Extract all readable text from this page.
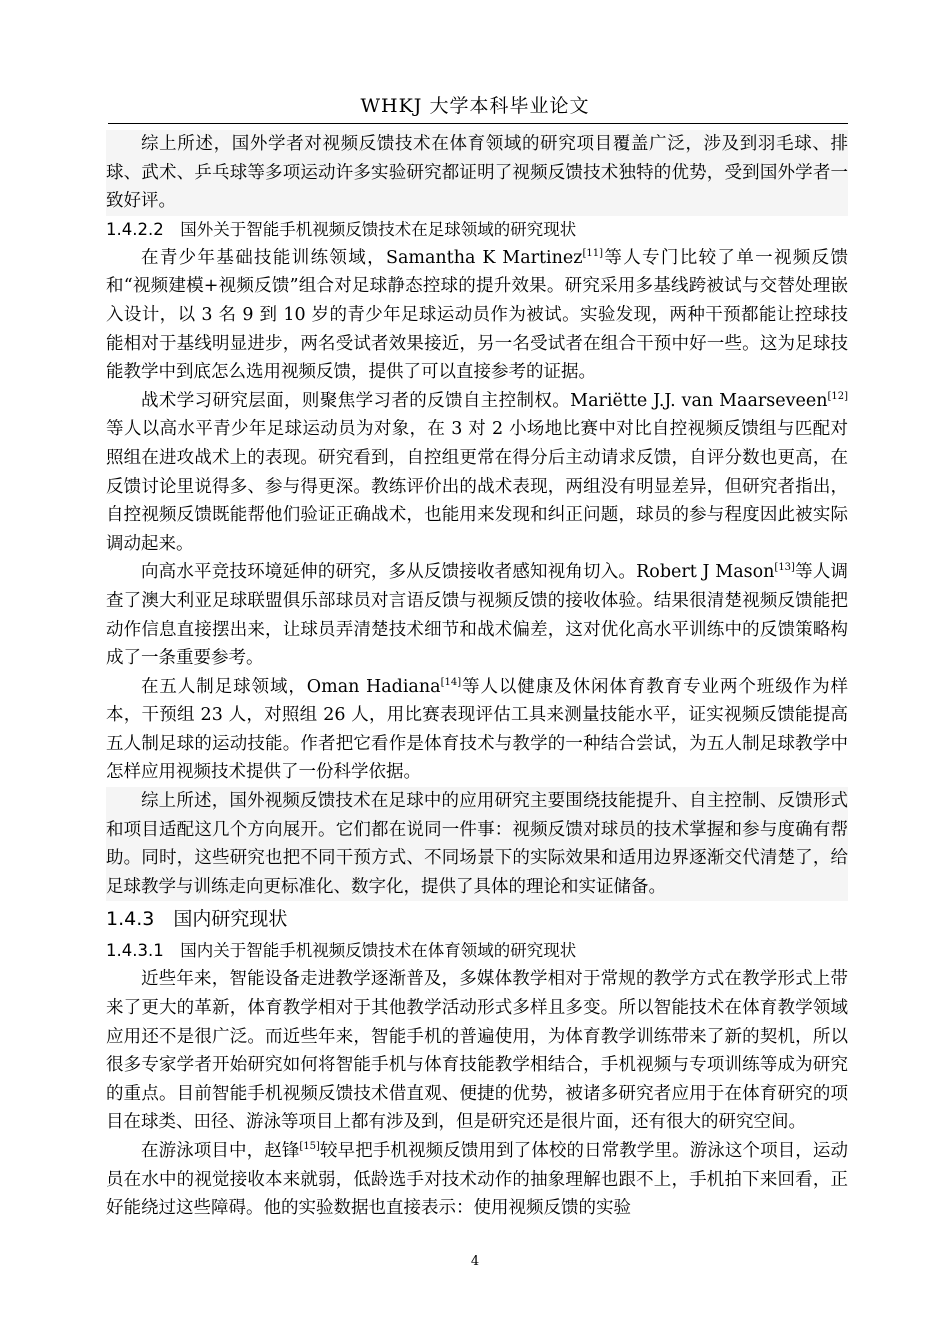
WHKJ 大学本科毕业论文
综上所述，国外学者对视频反馈技术在体育领域的研究项目覆盖广泛，涉及到羽毛球、排球、武术、乒乓球等多项运动许多实验研究都证明了视频反馈技术独特的优势，受到国外学者一致好评。
1.4.2.2　国外关于智能手机视频反馈技术在足球领域的研究现状
在青少年基础技能训练领域，Samantha K Martinez[11]等人专门比较了单一视频反馈和“视频建模+视频反馈”组合对足球静态控球的提升效果。研究采用多基线跨被试与交替处理嵌入设计，以 3 名 9 到 10 岁的青少年足球运动员作为被试。实验发现，两种干预都能让控球技能相对于基线明显进步，两名受试者效果接近，另一名受试者在组合干预中好一些。这为足球技能教学中到底怎么选用视频反馈，提供了可以直接参考的证据。
战术学习研究层面，则聚焦学习者的反馈自主控制权。Mariëtte J.J. van Maarseveen[12]等人以高水平青少年足球运动员为对象，在 3 对 2 小场地比赛中对比自控视频反馈组与匹配对照组在进攻战术上的表现。研究看到，自控组更常在得分后主动请求反馈，自评分数也更高，在反馈讨论里说得多、参与得更深。教练评价出的战术表现，两组没有明显差异，但研究者指出，自控视频反馈既能帮他们验证正确战术，也能用来发现和纠正问题，球员的参与程度因此被实际调动起来。
向高水平竞技环境延伸的研究，多从反馈接收者感知视角切入。Robert J Mason[13]等人调查了澳大利亚足球联盟俱乐部球员对言语反馈与视频反馈的接收体验。结果很清楚视频反馈能把动作信息直接摆出来，让球员弄清楚技术细节和战术偏差，这对优化高水平训练中的反馈策略构成了一条重要参考。
在五人制足球领域，Oman Hadiana[14]等人以健康及休闲体育教育专业两个班级作为样本，干预组 23 人，对照组 26 人，用比赛表现评估工具来测量技能水平，证实视频反馈能提高五人制足球的运动技能。作者把它看作是体育技术与教学的一种结合尝试，为五人制足球教学中怎样应用视频技术提供了一份科学依据。
综上所述，国外视频反馈技术在足球中的应用研究主要围绕技能提升、自主控制、反馈形式和项目适配这几个方向展开。它们都在说同一件事：视频反馈对球员的技术掌握和参与度确有帮助。同时，这些研究也把不同干预方式、不同场景下的实际效果和适用边界逐渐交代清楚了，给足球教学与训练走向更标准化、数字化，提供了具体的理论和实证储备。
1.4.3　国内研究现状
1.4.3.1　国内关于智能手机视频反馈技术在体育领域的研究现状
近些年来，智能设备走进教学逐渐普及，多媒体教学相对于常规的教学方式在教学形式上带来了更大的革新，体育教学相对于其他教学活动形式多样且多变。所以智能技术在体育教学领域应用还不是很广泛。而近些年来，智能手机的普遍使用，为体育教学训练带来了新的契机，所以很多专家学者开始研究如何将智能手机与体育技能教学相结合，手机视频与专项训练等成为研究的重点。目前智能手机视频反馈技术借直观、便捷的优势，被诸多研究者应用于在体育研究的项目在球类、田径、游泳等项目上都有涉及到，但是研究还是很片面，还有很大的研究空间。
在游泳项目中，赵锋[15]较早把手机视频反馈用到了体校的日常教学里。游泳这个项目，运动员在水中的视觉接收本来就弱，低龄选手对技术动作的抽象理解也跟不上，手机拍下来回看，正好能绕过这些障碍。他的实验数据也直接表示：使用视频反馈的实验
4
